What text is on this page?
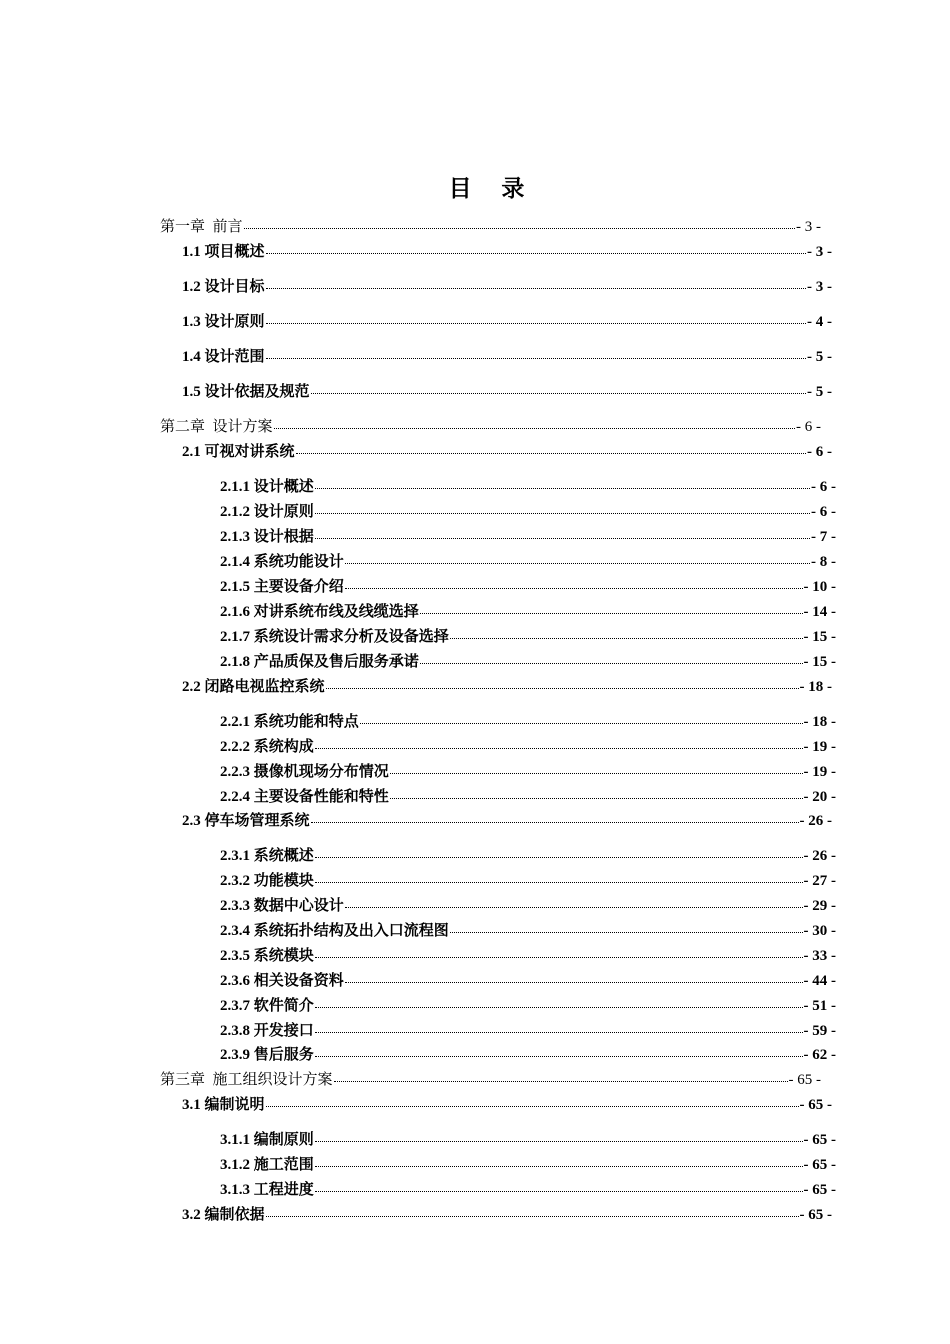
目 录
第一章 前言	- 3 -
1.1 项目概述	- 3 -
1.2 设计目标	- 3 -
1.3 设计原则	- 4 -
1.4 设计范围	- 5 -
1.5 设计依据及规范	- 5 -
第二章 设计方案	- 6 -
2.1 可视对讲系统	- 6 -
2.1.1 设计概述	- 6 -
2.1.2 设计原则	- 6 -
2.1.3 设计根据	- 7 -
2.1.4 系统功能设计	- 8 -
2.1.5 主要设备介绍	- 10 -
2.1.6 对讲系统布线及线缆选择	- 14 -
2.1.7 系统设计需求分析及设备选择	- 15 -
2.1.8 产品质保及售后服务承诺	- 15 -
2.2 闭路电视监控系统	- 18 -
2.2.1 系统功能和特点	- 18 -
2.2.2 系统构成	- 19 -
2.2.3 摄像机现场分布情况	- 19 -
2.2.4 主要设备性能和特性	- 20 -
2.3 停车场管理系统	- 26 -
2.3.1 系统概述	- 26 -
2.3.2 功能模块	- 27 -
2.3.3 数据中心设计	- 29 -
2.3.4 系统拓扑结构及出入口流程图	- 30 -
2.3.5 系统模块	- 33 -
2.3.6 相关设备资料	- 44 -
2.3.7 软件简介	- 51 -
2.3.8 开发接口	- 59 -
2.3.9 售后服务	- 62 -
第三章 施工组织设计方案	- 65 -
3.1 编制说明	- 65 -
3.1.1 编制原则	- 65 -
3.1.2 施工范围	- 65 -
3.1.3 工程进度	- 65 -
3.2 编制依据	- 65 -
